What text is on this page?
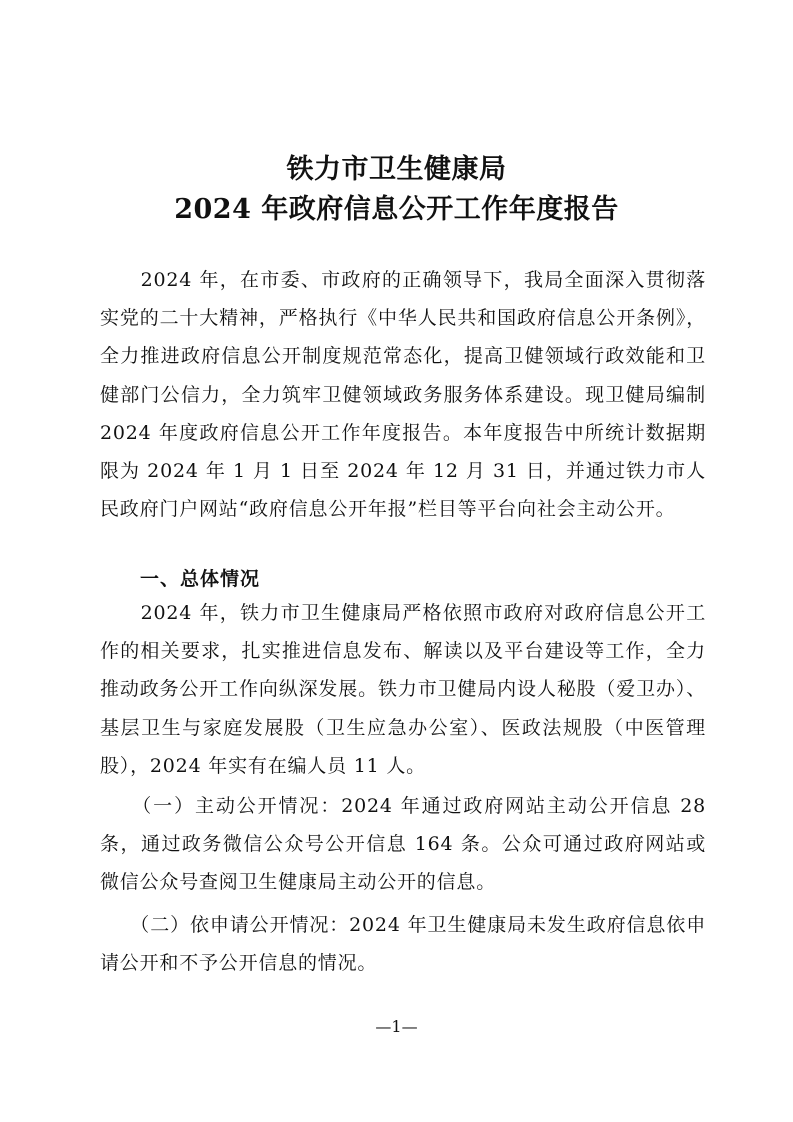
铁力市卫生健康局
2024 年政府信息公开工作年度报告
　　2024 年，在市委、市政府的正确领导下，我局全面深入贯彻落实党的二十大精神，严格执行《中华人民共和国政府信息公开条例》，全力推进政府信息公开制度规范常态化，提高卫健领域行政效能和卫健部门公信力，全力筑牢卫健领域政务服务体系建设。现卫健局编制 2024 年度政府信息公开工作年度报告。本年度报告中所统计数据期限为 2024 年 1 月 1 日至 2024 年 12 月 31 日，并通过铁力市人民政府门户网站“政府信息公开年报”栏目等平台向社会主动公开。
一、总体情况
　　2024 年，铁力市卫生健康局严格依照市政府对政府信息公开工作的相关要求，扎实推进信息发布、解读以及平台建设等工作，全力推动政务公开工作向纵深发展。铁力市卫健局内设人秘股（爱卫办）、基层卫生与家庭发展股（卫生应急办公室）、医政法规股（中医管理股），2024 年实有在编人员 11 人。
　　（一）主动公开情况：2024 年通过政府网站主动公开信息 28 条，通过政务微信公众号公开信息 164 条。公众可通过政府网站或微信公众号查阅卫生健康局主动公开的信息。
　　（二）依申请公开情况：2024 年卫生健康局未发生政府信息依申请公开和不予公开信息的情况。
—1—
